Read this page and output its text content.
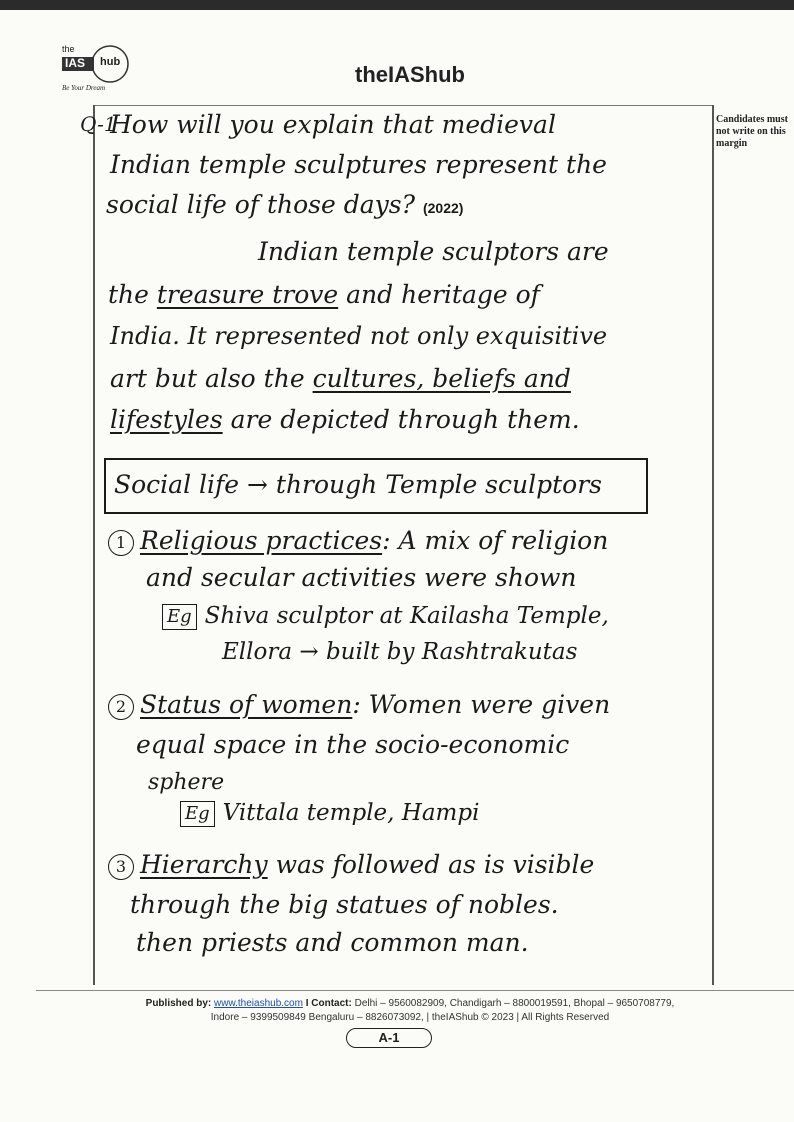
the
IAS hub
Be Your Dream
theIAShub
Candidates must not write on this margin
Q-1
How will you explain that medieval
Indian temple sculptures represent the
social life of those days? (2022)
Indian temple sculptors are
the treasure trove and heritage of
India. It represented not only exquisitive
art but also the cultures, beliefs and
lifestyles are depicted through them.
Social life → through Temple sculptors
1 Religious practices: A mix of religion
and secular activities were shown
Eg Shiva sculptor at Kailasha Temple,
Ellora → built by Rashtrakutas
2 Status of women: Women were given
equal space in the socio-economic
sphere
Eg Vittala temple, Hampi
3 Hierarchy was followed as is visible
through the big statues of nobles.
then priests and common man.
Published by: www.theiashub.com I Contact: Delhi – 9560082909, Chandigarh – 8800019591, Bhopal – 9650708779,
Indore – 9399509849 Bengaluru – 8826073092, | theIAShub © 2023 | All Rights Reserved
A-1
